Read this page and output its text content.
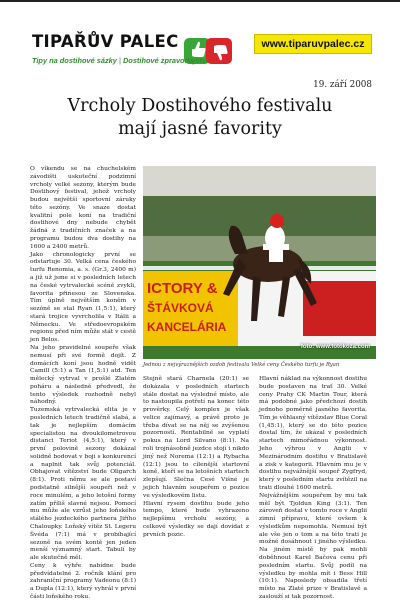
TIPAŘŮV PALEC
Tipy na dostihové sázky | Dostihové zpravodajství
www.tiparuvpalec.cz
19. září 2008
Vrcholy Dostihového festivalu
mají jasné favority

O víkendu se na chuchelském závodišti uskuteční podzimní vrcholy velké sezony, kterým bude Dostihový festival, jehož vrcholy budou největší sportovní záruky této sezóny. Ve snaze dostat kvalitní pole koní na tradiční dostihové dny nebude chybět žádná z tradičních značek a na programu budou dva dostihy na 1600 a 2400 metrů.

Jako chronologicky první se odstartuje 30. Velká cena českého turfu Renomia, a. s. (Gr.3, 2400 m) a již už jsme si v posledních letech na české vytrvalecké scéně zvykli, favorita přinesou ze Slovenska. Tím úplně největším koněm v sezóně se stal Ryan (1,5:1), který stará trojice vyvrcholila v Itálii a Německu. Ve středoevropském regionu před ním může stát v cestě jen Belos.

Na jeho pravidelné soupeře však nemusí při své formě dojít. Z domácích koní jsou hodně vidět Camill (5:1) a Tan (1,5:1) atd. Ten mělecký vytrval v prošlé Zlatém poháru a následně předvedl, že tento výsledek rozhodně nebyl náhodný.

Tuzemská vytrvalecká elita je v posledních letech tradičně slabá, a tak je nejlepším domácím specialistou na dvoukilometrovou distanci Teriot (4,5:1), který v první polovině sezony dokázal solidně bodovat v boji s konkurencí a naplnit tak svůj potenciál. Obhajovat vítězství bude Oligarch (8:1). Proti němu se ale postaví podstatně silnější soupeři než v roce minulém, a jeho letošní formy zatím příliš slavné nejsou. Pomocí mu může ale vzrůst jeho loňského stálého jezdeckého partnera Jiřího Chaloupky. Loňský vítěz St. Legeru Švéda (7:1) má v probíhající sezoně na svém kontě jen jeden menší významný start. Tabulí by ale skutečně měl.

Ceny k výhře nabídne bude předvídatelné 2. ročník klání pro zahraniční programy Vadeonu (8:1) a Dupla (12:1), který vyhrál v první části loňského roku.

ICTORY &
ŠTÁVKOVÁ
KANCELÁRIA
foto: www.fotokoza.com
Jednou z nejvýraznějších ozdob festivalu Velké ceny Českého turfu je Ryan

Stejně stará Charnela (20:1) se dokázala v posledních startech stále dostat na výsledné místo, ale to nastoupila potřetí na konec této prověrky. Celý komplex je však velice zajímavý, a právě proto je třeba dívat se na něj se zvýšenou pozorností. Rentabilně se vyplatí pokus na Lord Silvano (8:1). Na roli trojnásobně jezdce stojí i nikdo jiný než Norema (12:1) a Rybacha (12:1) jsou to cílenější startovní koně, kteří se na letošních startech zlepšují. Slečna Cesé Višné je jejich hlavním soupeřem o pozice ve výsledkovém listu.

Hlavní rysem dostihu bude jeho tempo, které bude vyhrazeno nejlepšímu vrcholu sezóny, a celkové výsledky se dají dovídat z prvních pozic.

Hlavní náklad na výkonnost dostihu bude postaven na trať 30. Velké ceny Prahy CK Martin Tour, která má podobné jako předchozí dostih jednoho poměrně jasného favorita. Tím je věhlasný vítězslav Blue Coral (1,45:1), který se do této pozice dostal tím, že ukázal v posledních startech mimořádnou výkonnost. Jeho výhrou v Anglii v Mezinárodním dostihu v Bratislavě a zisk v kategorii. Hlavním mu je v dostihu nejvážnější soupeř Zygfryd, který v posledním startu zvítězil na trati dlouhé 1600 metrů.

Nejvážnějším soupeřem by mu tak měl být Tjoldun King (3:1). Ten zároveň dostal v tomto roce v Anglii zimní přípravu, které ovšem k výsledkům nepomohla. Nemusí být ale vše jen o tom a na této trati je možné dosáhnout i jiného výsledku. Na jiném místě by pak mohli doběhnout Karel Bačova cenu při posledním startu. Svůj podíl na výsledku by mohla mít i Bess Hill (10:1). Naposledy obsadila třetí místo na Zlaté prize v Bratislavě a zaslouží si tak pozornost.
